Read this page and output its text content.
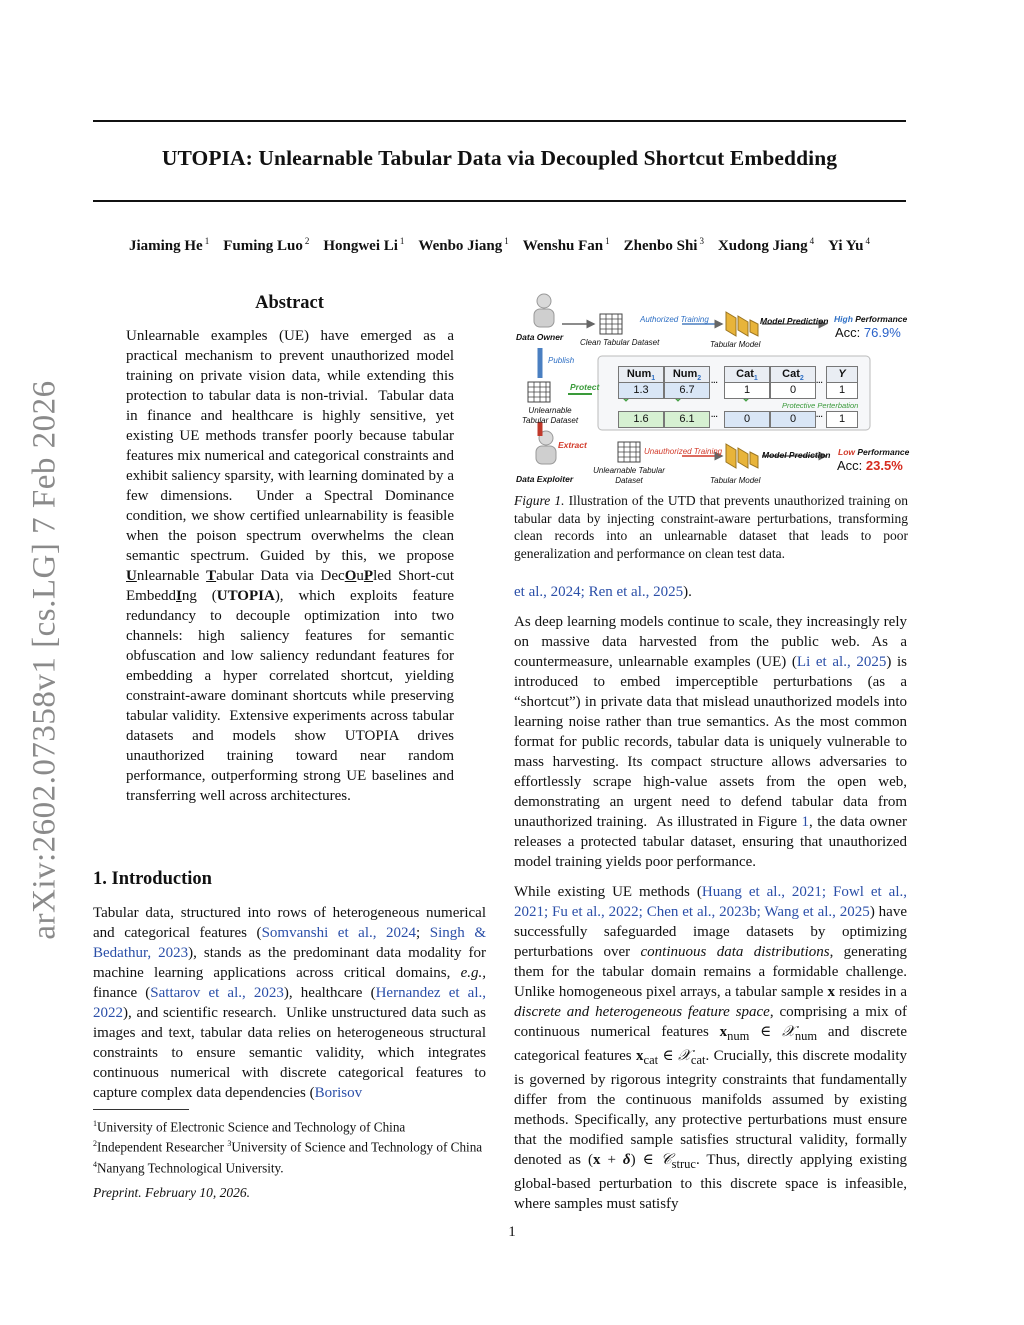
arXiv:2602.07358v1 [cs.LG] 7 Feb 2026
UTOPIA: Unlearnable Tabular Data via Decoupled Shortcut Embedding
Jiaming He $^1$ Fuming Luo $^2$ Hongwei Li $^1$ Wenbo Jiang $^1$ Wenshu Fan $^1$ Zhenbo Shi $^3$ Xudong Jiang $^4$ Yi Yu $^4$
Abstract
Unlearnable examples (UE) have emerged as a practical mechanism to prevent unauthorized model training on private vision data, while extending this protection to tabular data is non-trivial.  Tabular data in finance and healthcare is highly sensitive, yet existing UE methods transfer poorly because tabular features mix numerical and categorical constraints and exhibit saliency sparsity, with learning dominated by a few dimensions.  Under a Spectral Dominance condition, we show certified unlearnability is feasible when the poison spectrum overwhelms the clean semantic spectrum. Guided by this, we propose Unlearnable Tabular Data via DecOuPled Short-cut EmbeddIng (UTOPIA), which exploits feature redundancy to decouple optimization into two channels: high saliency features for semantic obfuscation and low saliency redundant features for embedding a hyper correlated shortcut, yielding constraint-aware dominant shortcuts while preserving tabular validity.  Extensive experiments across tabular datasets and models show UTOPIA drives unauthorized training toward near random performance, outperforming strong UE baselines and transferring well across architectures.
1. Introduction

Tabular data, structured into rows of heterogeneous numerical and categorical features (Somvanshi et al., 2024; Singh & Bedathur, 2023), stands as the predominant data modality for machine learning applications across critical domains, e.g., finance (Sattarov et al., 2023), healthcare (Hernandez et al., 2022), and scientific research.  Unlike unstructured data such as images and text, tabular data relies on heterogeneous structural constraints to ensure semantic validity, which integrates continuous numerical with discrete categorical features to capture complex data dependencies (Borisov

$^1$University of Electronic Science and Technology of China
$^2$Independent Researcher $^3$University of Science and Technology of China $^4$Nanyang Technological University.
Preprint. February 10, 2026.
Data Owner
Data Exploiter
Clean Tabular Dataset
Unlearnable Tabular Dataset
Unlearnable Tabular Dataset
Tabular Model
Tabular Model
Authorized Training
Unauthorized Training
Model Prediction
Model Prediction
High Performance
Low Performance
Acc: 76.9%
Acc: 23.5%
Publish
Protect
Extract
Protective Perterbation
Num$_1$	Num$_2$	Cat$_1$	Cat$_2$	Y
1.3	6.7	1	0	1
1.6	6.1	0	0	1
...	...
...	...
Figure 1. Illustration of the UTD that prevents unauthorized training on tabular data by injecting constraint-aware perturbations, transforming clean records into an unlearnable dataset that leads to poor generalization and performance on clean test data.

et al., 2024; Ren et al., 2025).

As deep learning models continue to scale, they increasingly rely on massive data harvested from the public web. As a countermeasure, unlearnable examples (UE) (Li et al., 2025) is introduced to embed imperceptible perturbations (as a “shortcut”) in private data that mislead unauthorized models into learning noise rather than true semantics. As the most common format for public records, tabular data is uniquely vulnerable to mass harvesting. Its compact structure allows adversaries to effortlessly scrape high-value assets from the open web, demonstrating an urgent need to defend tabular data from unauthorized training.  As illustrated in Figure 1, the data owner releases a protected tabular dataset, ensuring that unauthorized model training yields poor performance.

While existing UE methods (Huang et al., 2021; Fowl et al., 2021; Fu et al., 2022; Chen et al., 2023b; Wang et al., 2025) have successfully safeguarded image datasets by optimizing perturbations over continuous data distributions, generating them for the tabular domain remains a formidable challenge. Unlike homogeneous pixel arrays, a tabular sample x resides in a discrete and heterogeneous feature space, comprising a mix of continuous numerical features $x_{num}$ ∈ 𝒳$_{num}$ and discrete categorical features $x_{cat}$ ∈ 𝒳$_{cat}$. Crucially, this discrete modality is governed by rigorous integrity constraints that fundamentally differ from the continuous manifolds assumed by existing methods. Specifically, any protective perturbations must ensure that the modified sample satisfies structural validity, formally denoted as (x + δ) ∈ 𝒞$_{struc}$. Thus, directly applying existing global-based perturbation to this discrete space is infeasible, where samples must satisfy

1
